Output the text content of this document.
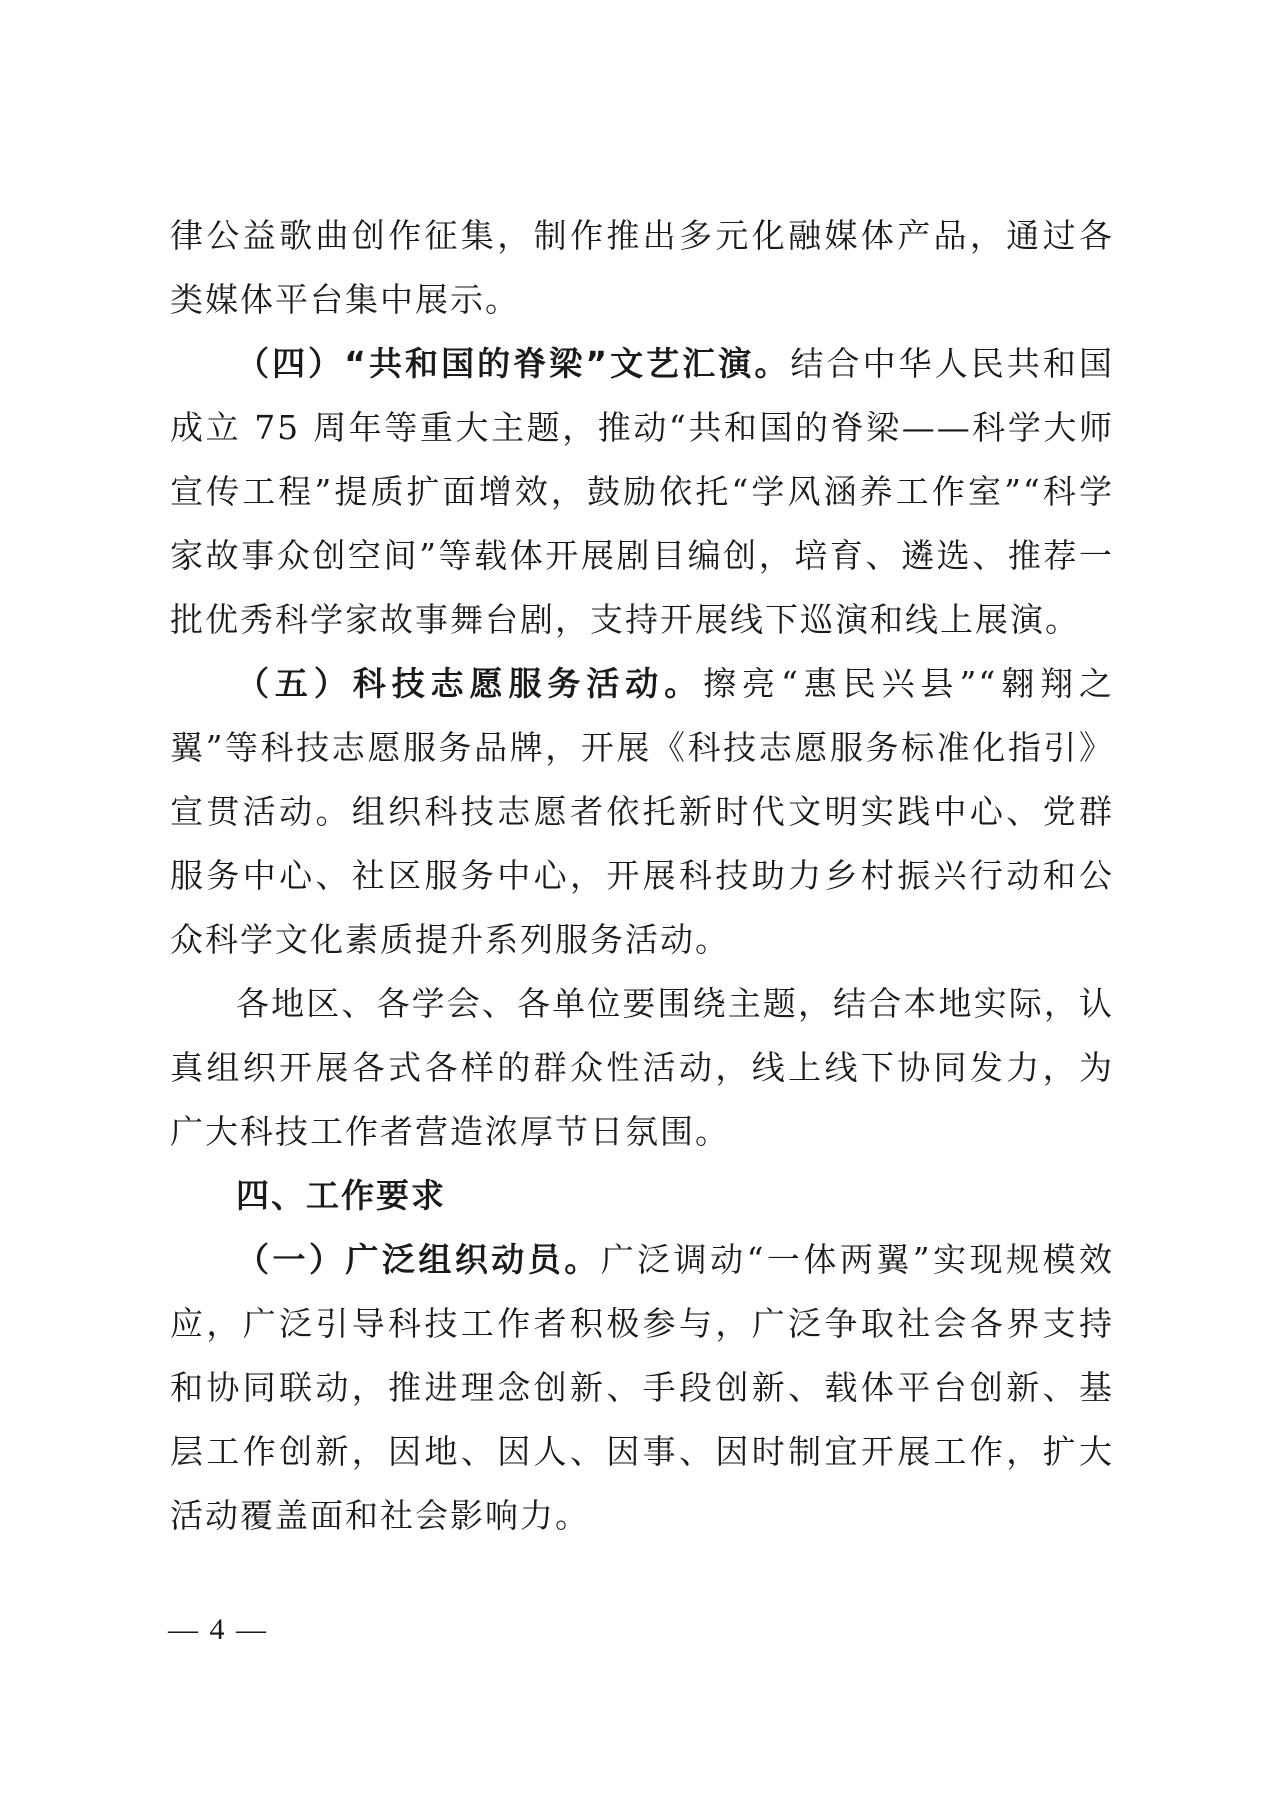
律公益歌曲创作征集，制作推出多元化融媒体产品，通过各类媒体平台集中展示。

（四）“共和国的脊梁”文艺汇演。结合中华人民共和国成立 75 周年等重大主题，推动“共和国的脊梁——科学大师宣传工程”提质扩面增效，鼓励依托“学风涵养工作室”“科学家故事众创空间”等载体开展剧目编创，培育、遴选、推荐一批优秀科学家故事舞台剧，支持开展线下巡演和线上展演。

（五）科技志愿服务活动。擦亮“惠民兴县”“翱翔之翼”等科技志愿服务品牌，开展《科技志愿服务标准化指引》宣贯活动。组织科技志愿者依托新时代文明实践中心、党群服务中心、社区服务中心，开展科技助力乡村振兴行动和公众科学文化素质提升系列服务活动。

各地区、各学会、各单位要围绕主题，结合本地实际，认真组织开展各式各样的群众性活动，线上线下协同发力，为广大科技工作者营造浓厚节日氛围。

四、工作要求

（一）广泛组织动员。广泛调动“一体两翼”实现规模效应，广泛引导科技工作者积极参与，广泛争取社会各界支持和协同联动，推进理念创新、手段创新、载体平台创新、基层工作创新，因地、因人、因事、因时制宜开展工作，扩大活动覆盖面和社会影响力。

— 4 —
